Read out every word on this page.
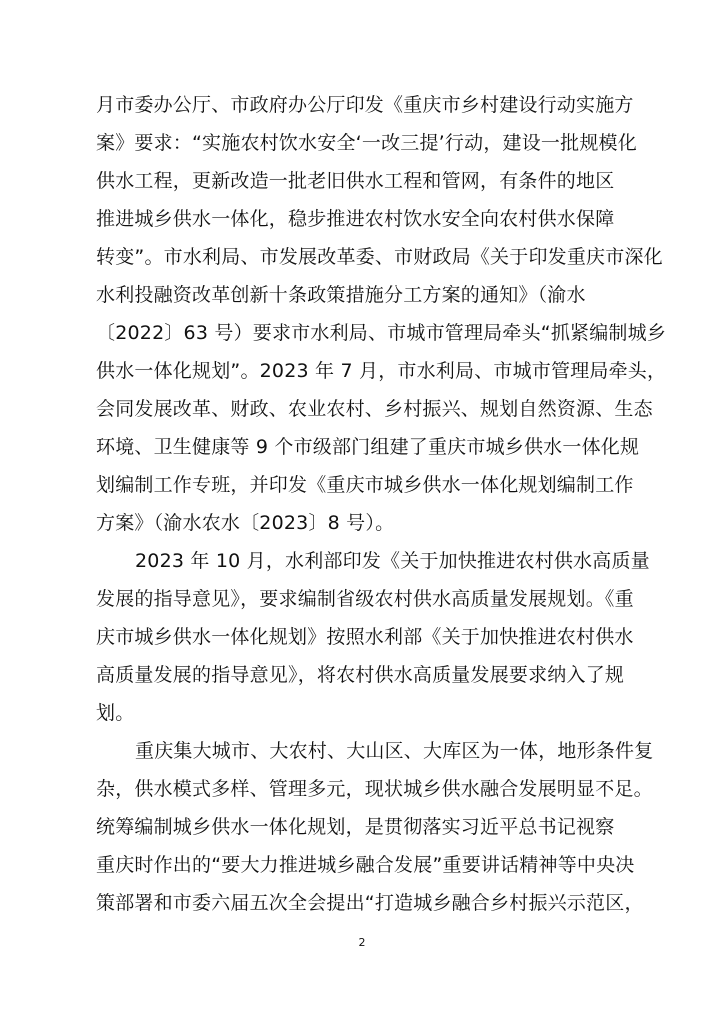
月市委办公厅、市政府办公厅印发《重庆市乡村建设行动实施方
案》要求：“实施农村饮水安全‘一改三提’行动，建设一批规模化
供水工程，更新改造一批老旧供水工程和管网，有条件的地区
推进城乡供水一体化，稳步推进农村饮水安全向农村供水保障
转变”。市水利局、市发展改革委、市财政局《关于印发重庆市深化
水利投融资改革创新十条政策措施分工方案的通知》（渝水
〔2022〕63 号）要求市水利局、市城市管理局牵头“抓紧编制城乡
供水一体化规划”。2023 年 7 月，市水利局、市城市管理局牵头，
会同发展改革、财政、农业农村、乡村振兴、规划自然资源、生态
环境、卫生健康等 9 个市级部门组建了重庆市城乡供水一体化规
划编制工作专班，并印发《重庆市城乡供水一体化规划编制工作
方案》（渝水农水〔2023〕8 号）。
2023 年 10 月，水利部印发《关于加快推进农村供水高质量
发展的指导意见》，要求编制省级农村供水高质量发展规划。《重
庆市城乡供水一体化规划》按照水利部《关于加快推进农村供水
高质量发展的指导意见》，将农村供水高质量发展要求纳入了规
划。
重庆集大城市、大农村、大山区、大库区为一体，地形条件复
杂，供水模式多样、管理多元，现状城乡供水融合发展明显不足。
统筹编制城乡供水一体化规划，是贯彻落实习近平总书记视察
重庆时作出的“要大力推进城乡融合发展”重要讲话精神等中央决
策部署和市委六届五次全会提出“打造城乡融合乡村振兴示范区，
2
